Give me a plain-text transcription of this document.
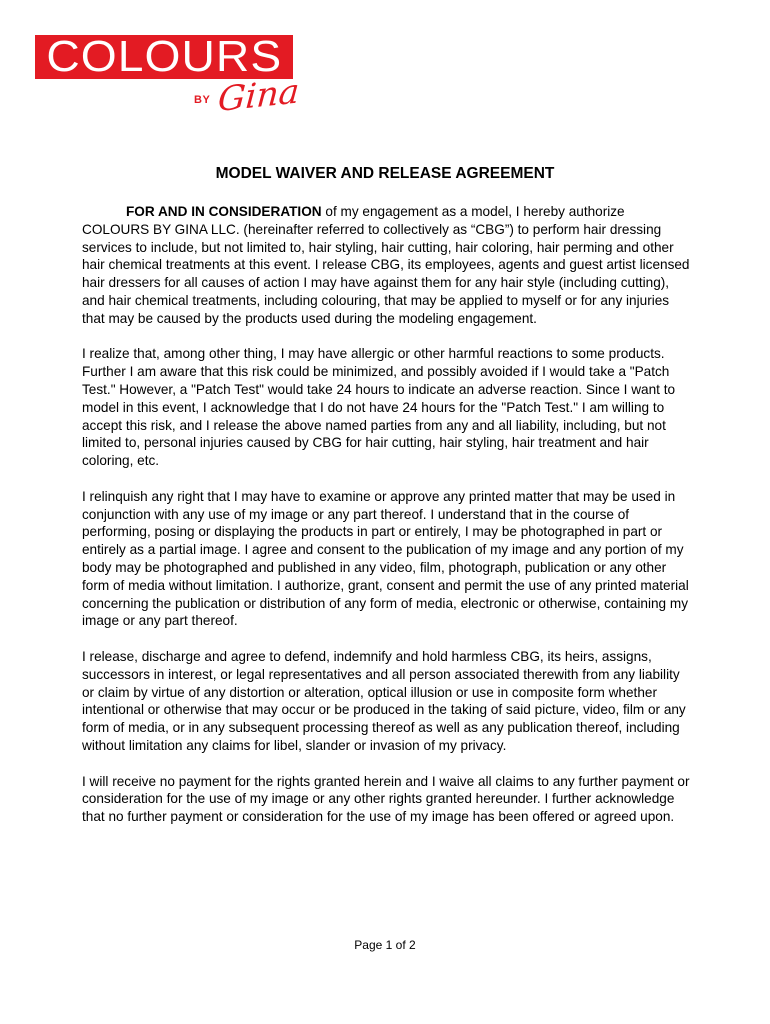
COLOURS
BY Gina
MODEL WAIVER AND RELEASE AGREEMENT

FOR AND IN CONSIDERATION of my engagement as a model, I hereby authorize COLOURS BY GINA LLC. (hereinafter referred to collectively as “CBG”) to perform hair dressing services to include, but not limited to, hair styling, hair cutting, hair coloring, hair perming and other hair chemical treatments at this event. I release CBG, its employees, agents and guest artist licensed hair dressers for all causes of action I may have against them for any hair style (including cutting), and hair chemical treatments, including colouring, that may be applied to myself or for any injuries that may be caused by the products used during the modeling engagement.

I realize that, among other thing, I may have allergic or other harmful reactions to some products. Further I am aware that this risk could be minimized, and possibly avoided if I would take a "Patch Test." However, a "Patch Test" would take 24 hours to indicate an adverse reaction. Since I want to model in this event, I acknowledge that I do not have 24 hours for the "Patch Test." I am willing to accept this risk, and I release the above named parties from any and all liability, including, but not limited to, personal injuries caused by CBG for hair cutting, hair styling, hair treatment and hair coloring, etc.

I relinquish any right that I may have to examine or approve any printed matter that may be used in conjunction with any use of my image or any part thereof. I understand that in the course of performing, posing or displaying the products in part or entirely, I may be photographed in part or entirely as a partial image. I agree and consent to the publication of my image and any portion of my body may be photographed and published in any video, film, photograph, publication or any other form of media without limitation. I authorize, grant, consent and permit the use of any printed material concerning the publication or distribution of any form of media, electronic or otherwise, containing my image or any part thereof.

I release, discharge and agree to defend, indemnify and hold harmless CBG, its heirs, assigns, successors in interest, or legal representatives and all person associated therewith from any liability or claim by virtue of any distortion or alteration, optical illusion or use in composite form whether intentional or otherwise that may occur or be produced in the taking of said picture, video, film or any form of media, or in any subsequent processing thereof as well as any publication thereof, including without limitation any claims for libel, slander or invasion of my privacy.

I will receive no payment for the rights granted herein and I waive all claims to any further payment or consideration for the use of my image or any other rights granted hereunder. I further acknowledge that no further payment or consideration for the use of my image has been offered or agreed upon.

Page 1 of 2
